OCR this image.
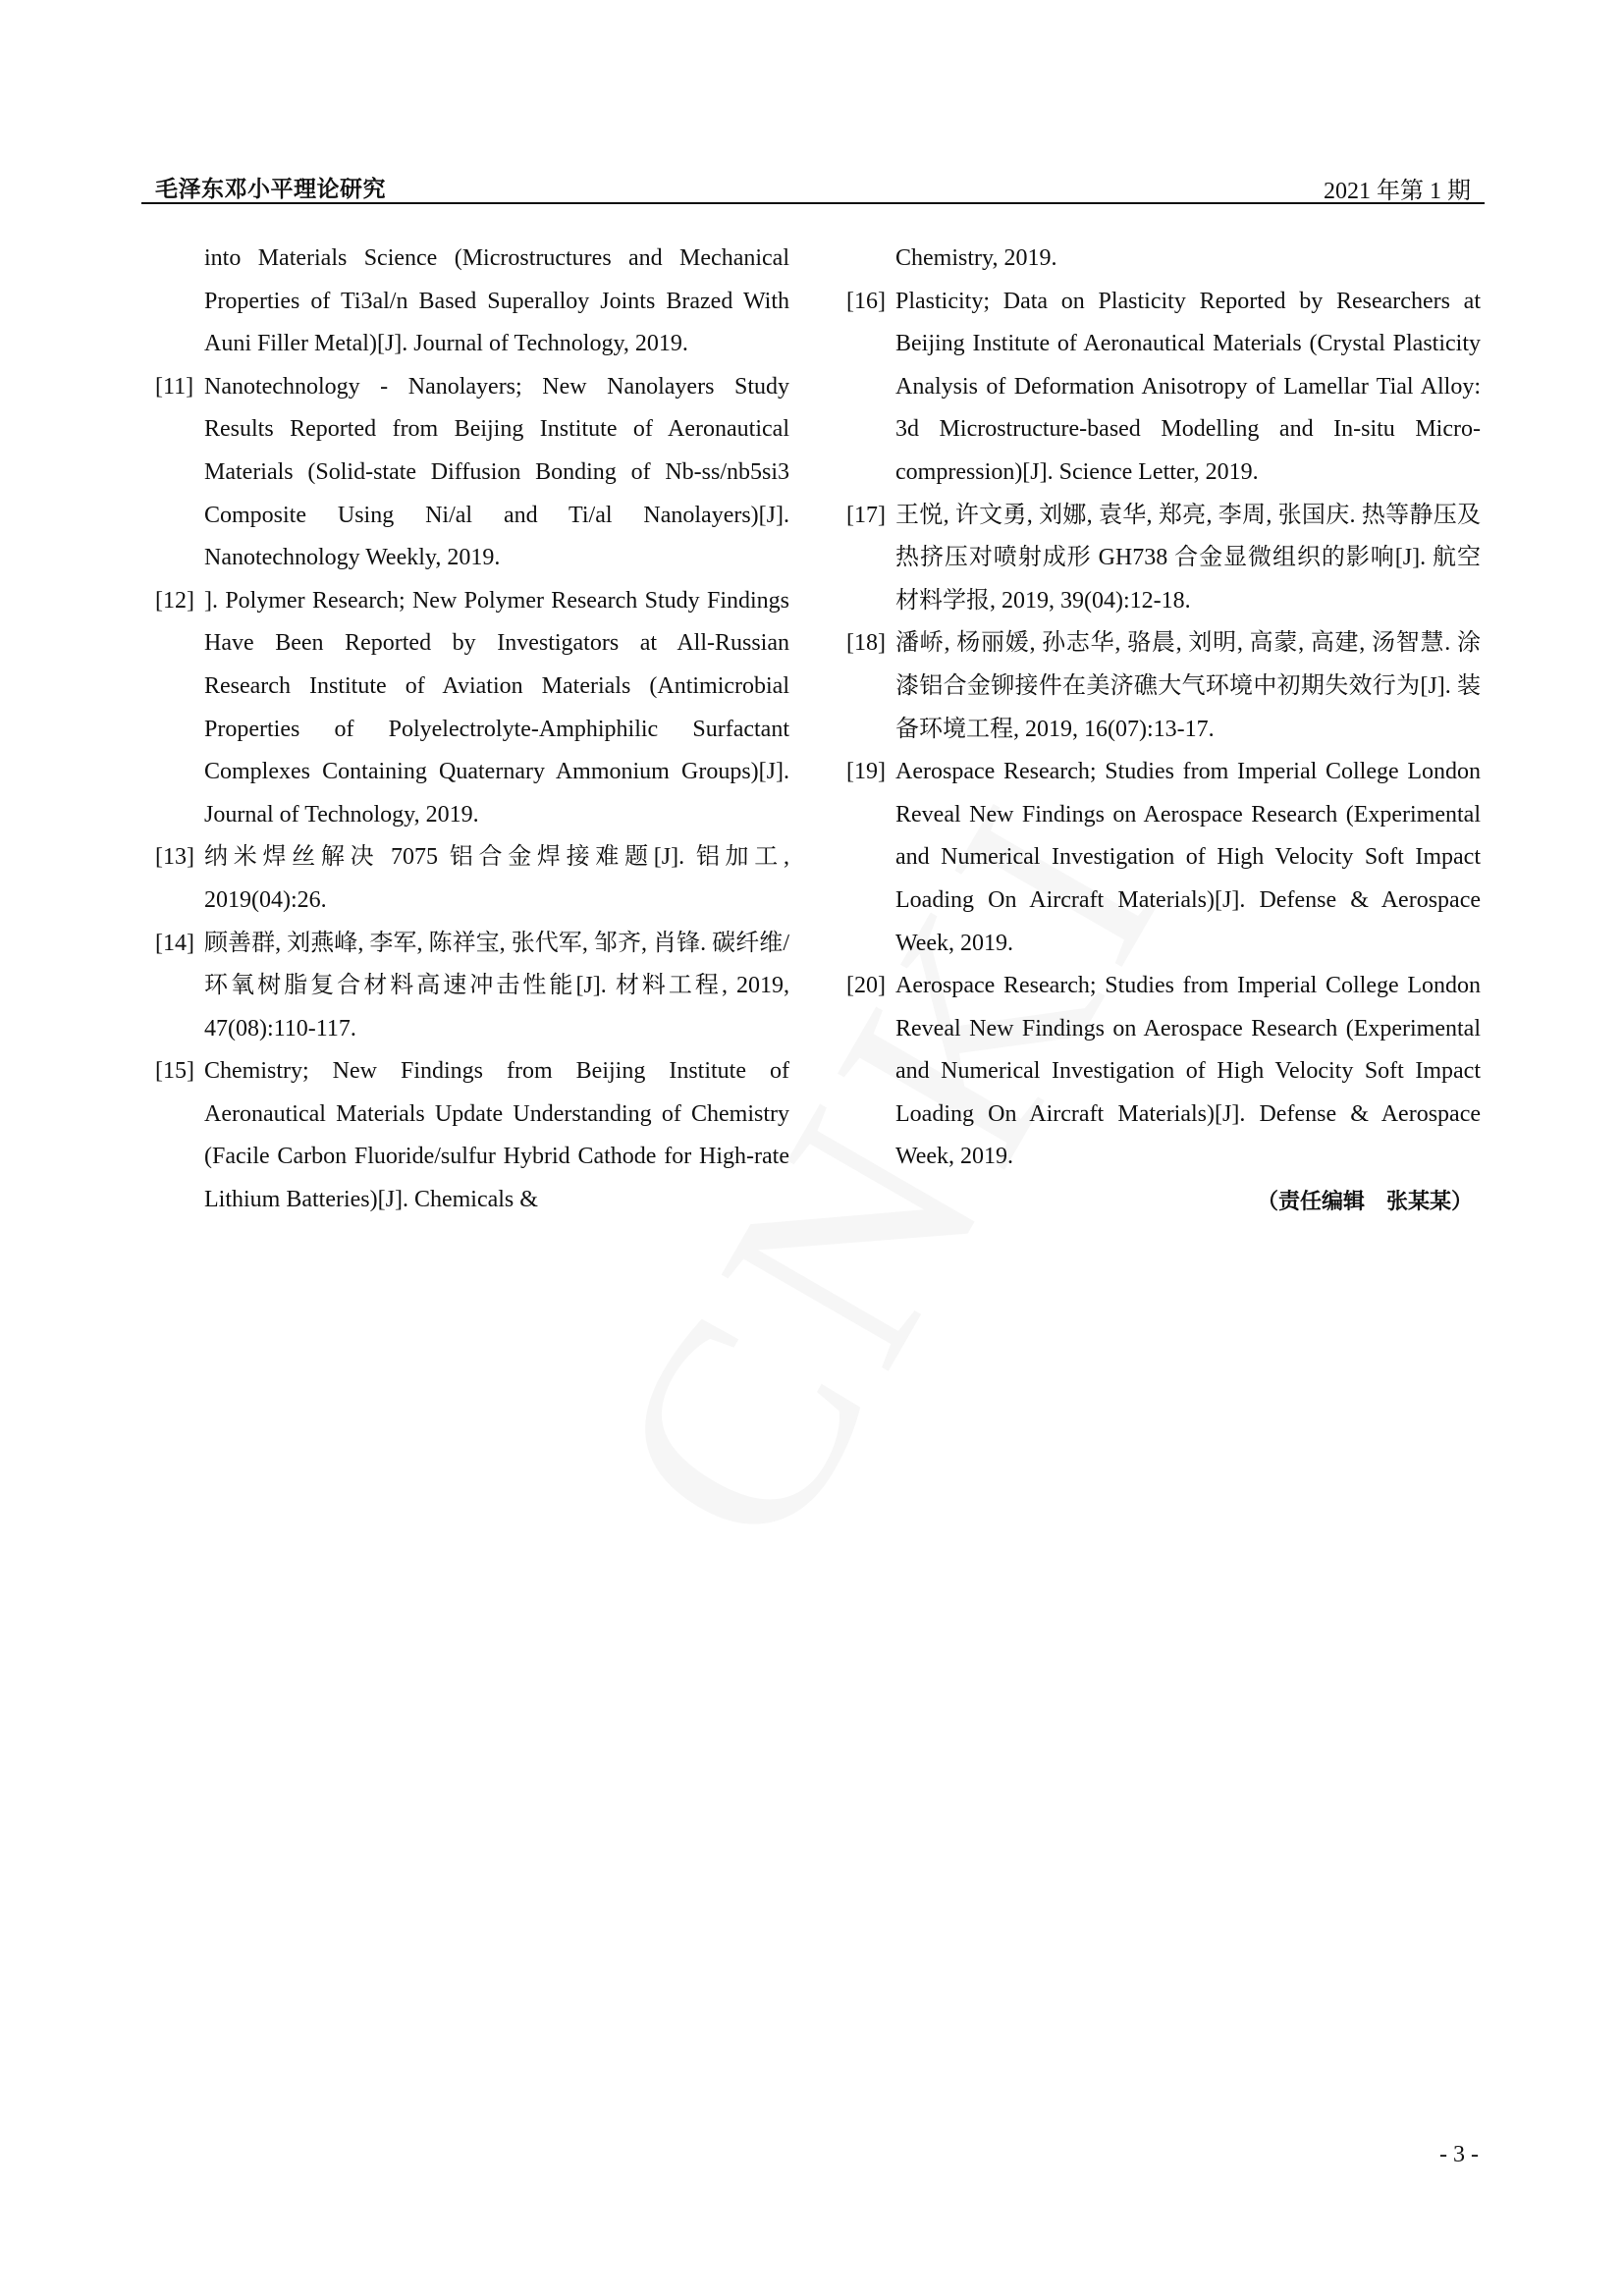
毛泽东邓小平理论研究	2021 年第 1 期
into Materials Science (Microstructures and Mechanical Properties of Ti3al/n Based Superalloy Joints Brazed With Auni Filler Metal)[J]. Journal of Technology, 2019.
[11] Nanotechnology - Nanolayers; New Nanolayers Study Results Reported from Beijing Institute of Aeronautical Materials (Solid-state Diffusion Bonding of Nb-ss/nb5si3 Composite Using Ni/al and Ti/al Nanolayers)[J]. Nanotechnology Weekly, 2019.
[12] ]. Polymer Research; New Polymer Research Study Findings Have Been Reported by Investigators at All-Russian Research Institute of Aviation Materials (Antimicrobial Properties of Polyelectrolyte-Amphiphilic Surfactant Complexes Containing Quaternary Ammonium Groups)[J]. Journal of Technology, 2019.
[13] 纳米焊丝解决 7075 铝合金焊接难题[J]. 铝加工, 2019(04):26.
[14] 顾善群, 刘燕峰, 李军, 陈祥宝, 张代军, 邹齐, 肖锋. 碳纤维/环氧树脂复合材料高速冲击性能[J]. 材料工程, 2019, 47(08):110-117.
[15] Chemistry; New Findings from Beijing Institute of Aeronautical Materials Update Understanding of Chemistry (Facile Carbon Fluoride/sulfur Hybrid Cathode for High-rate Lithium Batteries)[J]. Chemicals &
Chemistry, 2019.
[16] Plasticity; Data on Plasticity Reported by Researchers at Beijing Institute of Aeronautical Materials (Crystal Plasticity Analysis of Deformation Anisotropy of Lamellar Tial Alloy: 3d Microstructure-based Modelling and In-situ Micro-compression)[J]. Science Letter, 2019.
[17] 王悦, 许文勇, 刘娜, 袁华, 郑亮, 李周, 张国庆. 热等静压及热挤压对喷射成形 GH738 合金显微组织的影响[J]. 航空材料学报, 2019, 39(04):12-18.
[18] 潘峤, 杨丽媛, 孙志华, 骆晨, 刘明, 高蒙, 高建, 汤智慧. 涂漆铝合金铆接件在美济礁大气环境中初期失效行为[J]. 装备环境工程, 2019, 16(07):13-17.
[19] Aerospace Research; Studies from Imperial College London Reveal New Findings on Aerospace Research (Experimental and Numerical Investigation of High Velocity Soft Impact Loading On Aircraft Materials)[J]. Defense & Aerospace Week, 2019.
[20] Aerospace Research; Studies from Imperial College London Reveal New Findings on Aerospace Research (Experimental and Numerical Investigation of High Velocity Soft Impact Loading On Aircraft Materials)[J]. Defense & Aerospace Week, 2019.
（责任编辑　张某某）
- 3 -
